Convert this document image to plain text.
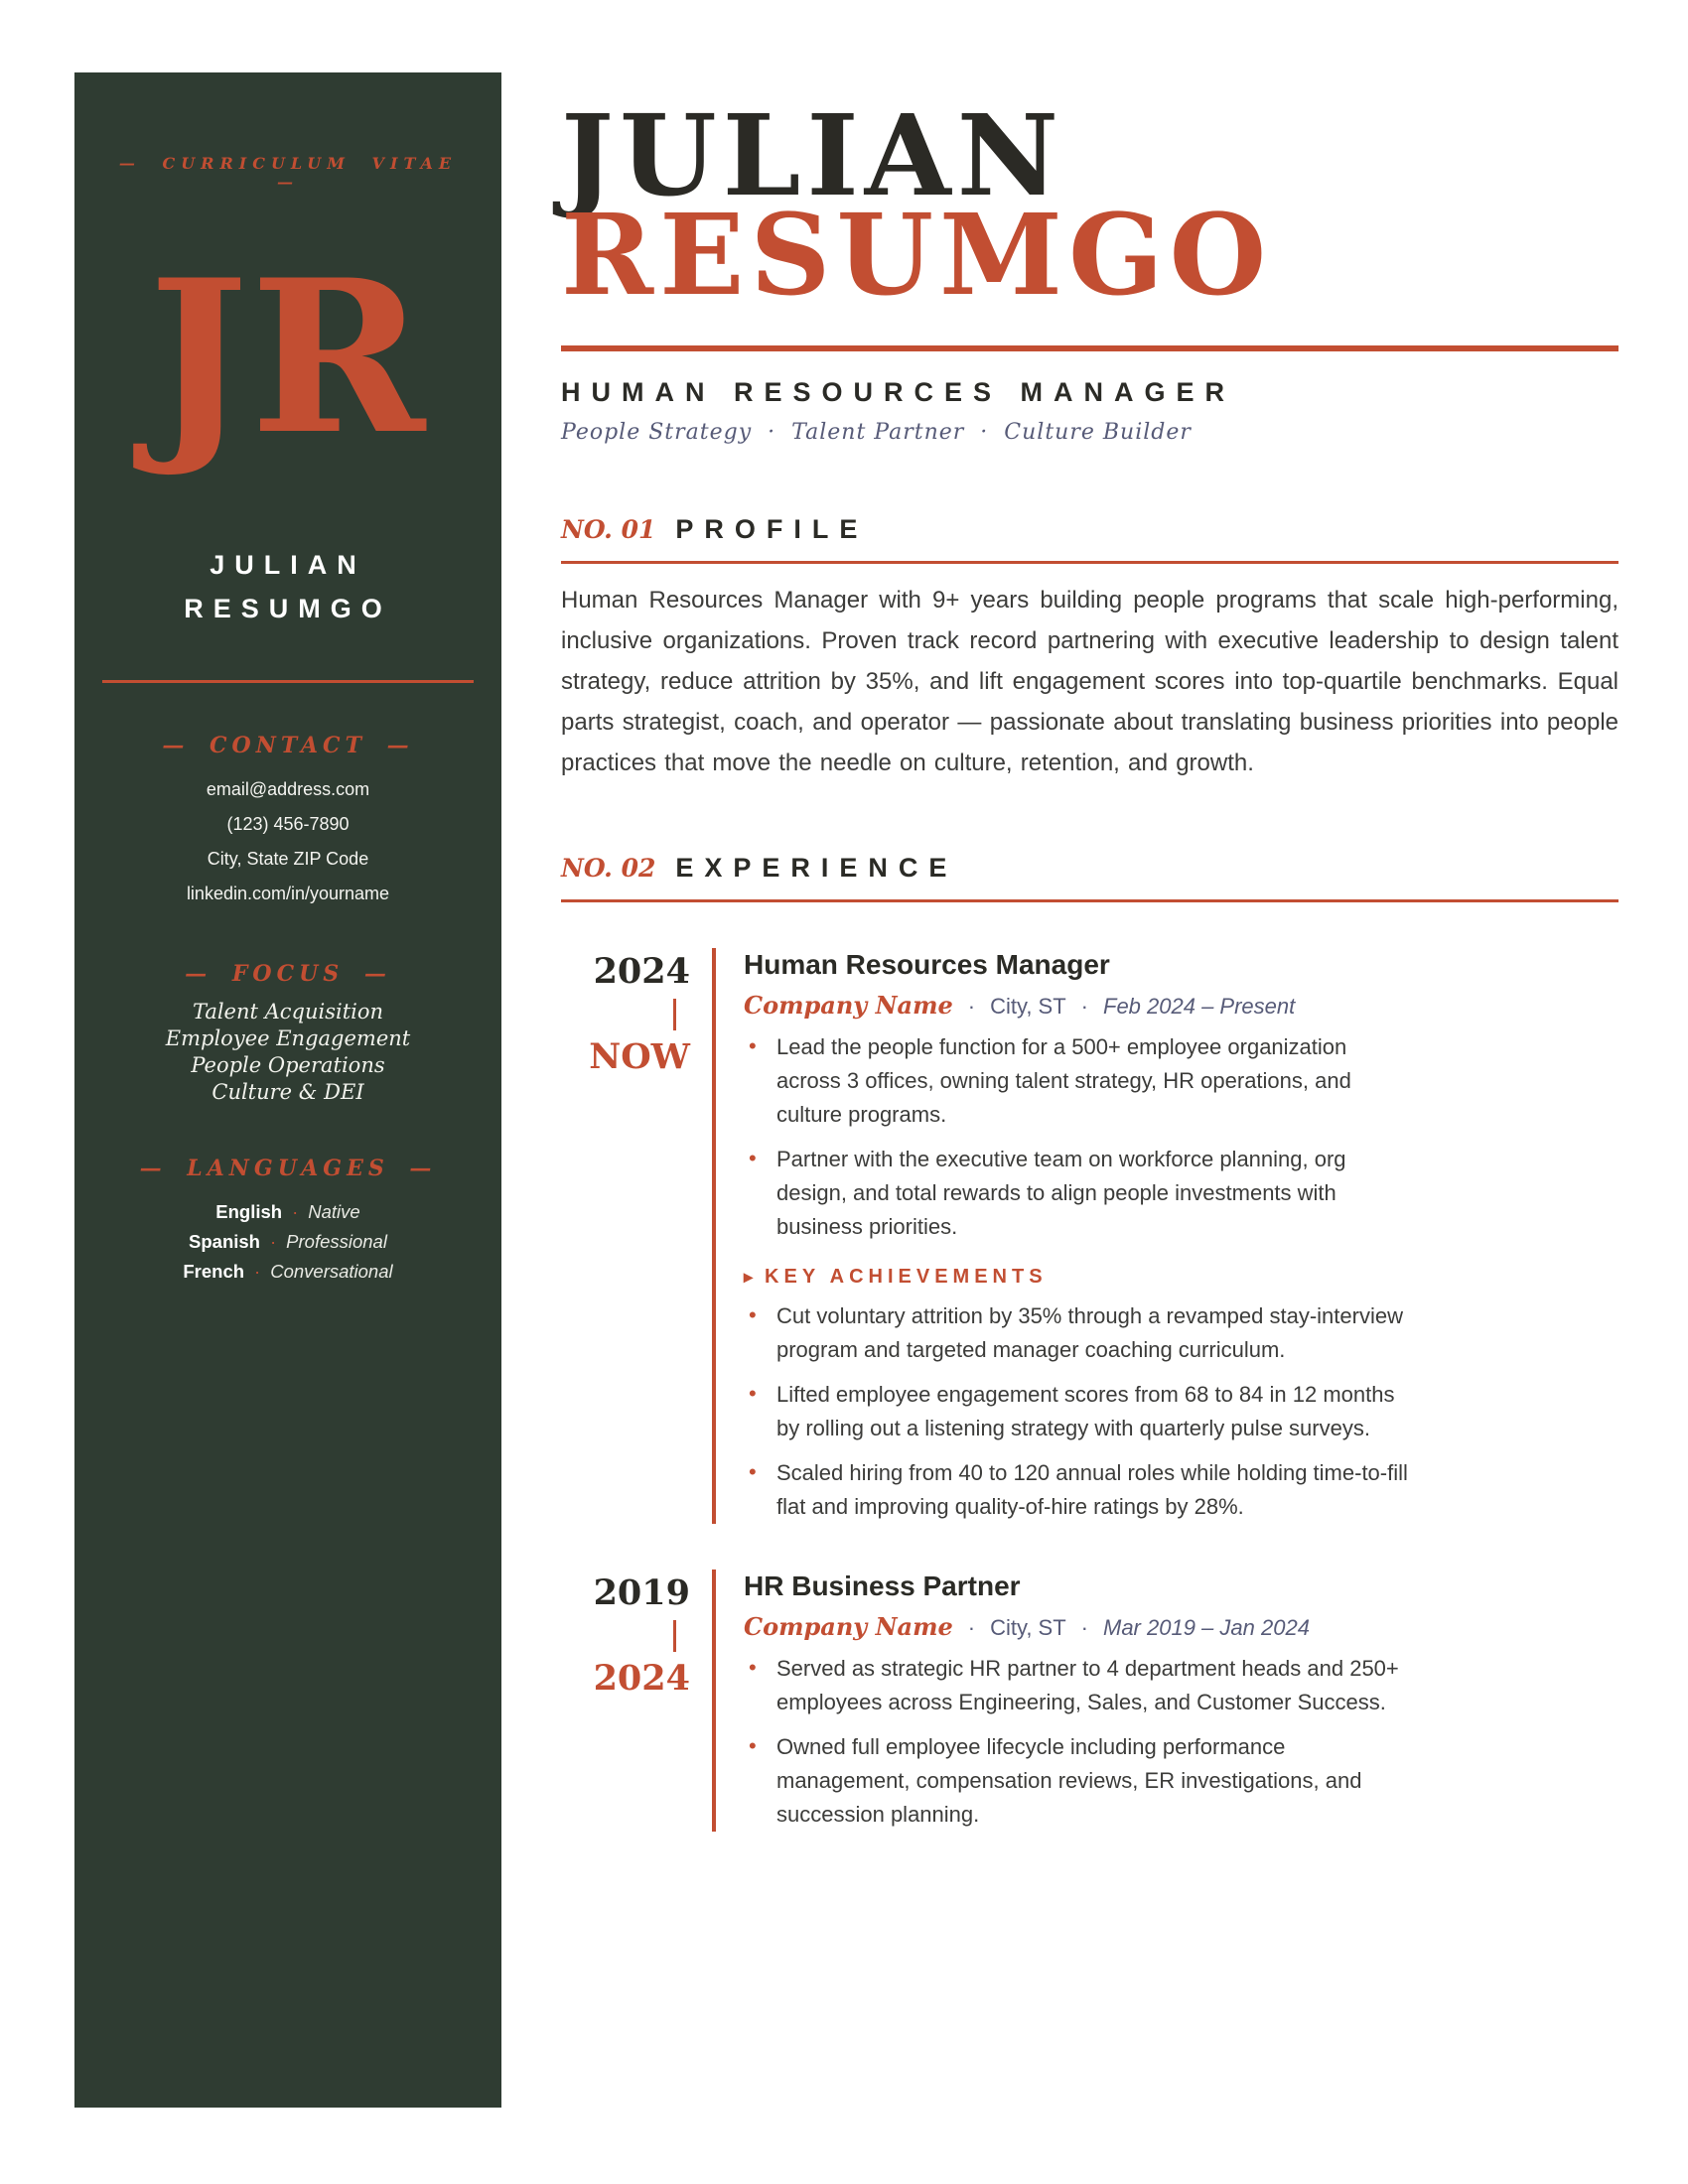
— CURRICULUM VITAE —
JR
JULIAN
RESUMGO
— CONTACT —
email@address.com
(123) 456-7890
City, State ZIP Code
linkedin.com/in/yourname
— FOCUS —
Talent Acquisition
Employee Engagement
People Operations
Culture & DEI
— LANGUAGES —
English · Native
Spanish · Professional
French · Conversational
JULIAN
RESUMGO
HUMAN RESOURCES MANAGER
People Strategy · Talent Partner · Culture Builder
NO. 01 PROFILE

Human Resources Manager with 9+ years building people programs that scale high-performing, inclusive organizations. Proven track record partnering with executive leadership to design talent strategy, reduce attrition by 35%, and lift engagement scores into top-quartile benchmarks. Equal parts strategist, coach, and operator — passionate about translating business priorities into people practices that move the needle on culture, retention, and growth.

NO. 02 EXPERIENCE
2024
NOW
Human Resources Manager
Company Name · City, ST · Feb 2024 – Present
• Lead the people function for a 500+ employee organization across 3 offices, owning talent strategy, HR operations, and culture programs.
• Partner with the executive team on workforce planning, org design, and total rewards to align people investments with business priorities.
▸ KEY ACHIEVEMENTS
• Cut voluntary attrition by 35% through a revamped stay-interview program and targeted manager coaching curriculum.
• Lifted employee engagement scores from 68 to 84 in 12 months by rolling out a listening strategy with quarterly pulse surveys.
• Scaled hiring from 40 to 120 annual roles while holding time-to-fill flat and improving quality-of-hire ratings by 28%.
2019
2024
HR Business Partner
Company Name · City, ST · Mar 2019 – Jan 2024
• Served as strategic HR partner to 4 department heads and 250+ employees across Engineering, Sales, and Customer Success.
• Owned full employee lifecycle including performance management, compensation reviews, ER investigations, and succession planning.
